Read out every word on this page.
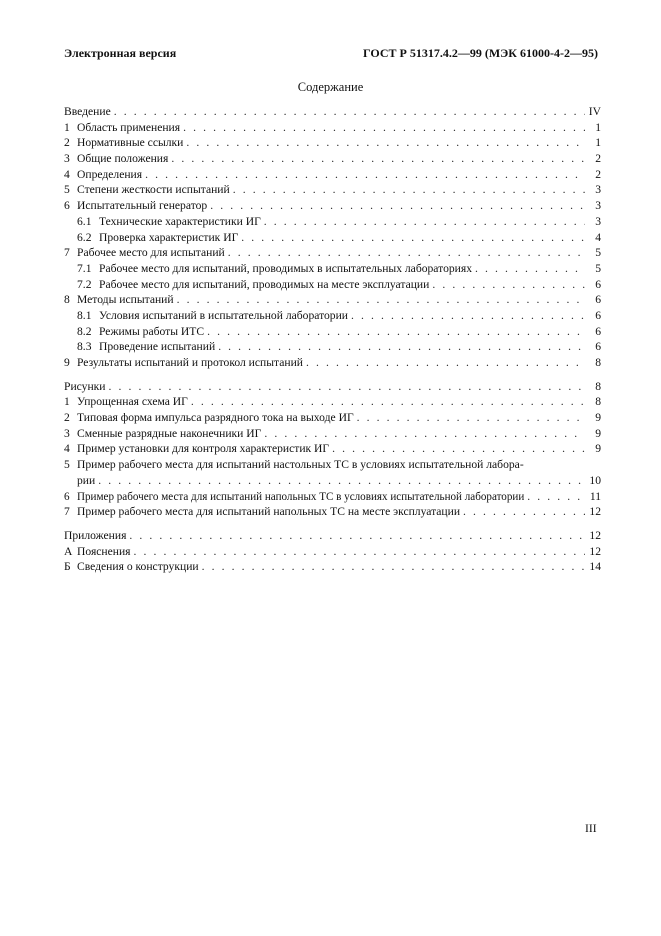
Электронная версия	ГОСТ Р 51317.4.2—99 (МЭК 61000-4-2—95)
Содержание
Введение . . .	IV
1 Область применения . . .	1
2 Нормативные ссылки . . .	1
3 Общие положения . . .	2
4 Определения . . .	2
5 Степени жесткости испытаний . . .	3
6 Испытательный генератор . . .	3
6.1 Технические характеристики ИГ . . .	3
6.2 Проверка характеристик ИГ . . .	4
7 Рабочее место для испытаний . . .	5
7.1 Рабочее место для испытаний, проводимых в испытательных лабораториях . . .	5
7.2 Рабочее место для испытаний, проводимых на месте эксплуатации . . .	6
8 Методы испытаний . . .	6
8.1 Условия испытаний в испытательной лаборатории . . .	6
8.2 Режимы работы ИТС . . .	6
8.3 Проведение испытаний . . .	6
9 Результаты испытаний и протокол испытаний . . .	8
Рисунки . . .	8
1 Упрощенная схема ИГ . . .	8
2 Типовая форма импульса разрядного тока на выходе ИГ . . .	9
3 Сменные разрядные наконечники ИГ . . .	9
4 Пример установки для контроля характеристик ИГ . . .	9
5 Пример рабочего места для испытаний настольных ТС в условиях испытательной лабора-
рии . . .	10
6 Пример рабочего места для испытаний напольных ТС в условиях испытательной лаборатории . . .	11
7 Пример рабочего места для испытаний напольных ТС на месте эксплуатации . . .	12
Приложения . . .	12
А Пояснения . . .	12
Б Сведения о конструкции . . .	14
III
